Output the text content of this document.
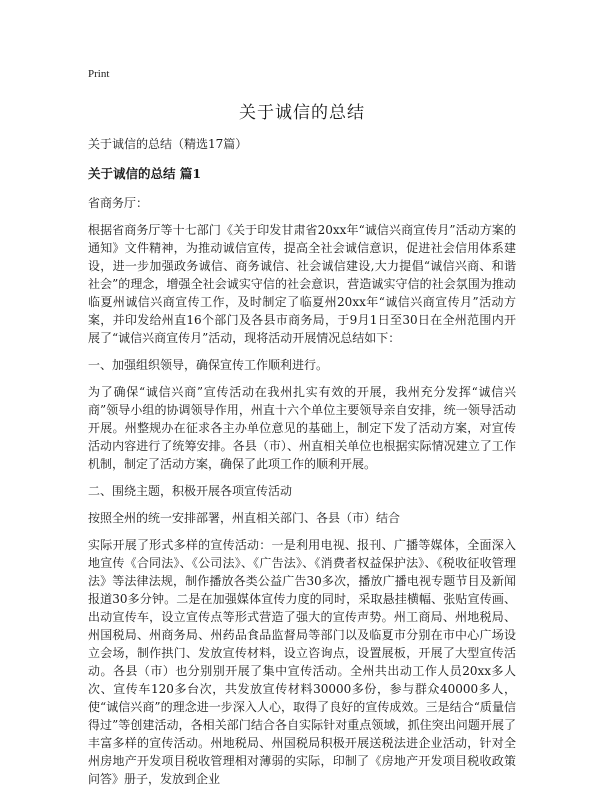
Print
关于诚信的总结
关于诚信的总结（精选17篇）
关于诚信的总结 篇1
省商务厅：
根据省商务厅等十七部门《关于印发甘肃省20xx年“诚信兴商宣传月”活动方案的通知》文件精神，为推动诚信宣传，提高全社会诚信意识，促进社会信用体系建设，进一步加强政务诚信、商务诚信、社会诚信建设,大力提倡“诚信兴商、和谐社会”的理念，增强全社会诚实守信的社会意识，营造诚实守信的社会氛围为推动临夏州诚信兴商宣传工作，及时制定了临夏州20xx年“诚信兴商宣传月”活动方案，并印发给州直16个部门及各县市商务局，于9月1日至30日在全州范围内开展了“诚信兴商宣传月”活动，现将活动开展情况总结如下：
一、加强组织领导，确保宣传工作顺利进行。
为了确保“诚信兴商”宣传活动在我州扎实有效的开展，我州充分发挥“诚信兴商”领导小组的协调领导作用，州直十六个单位主要领导亲自安排，统一领导活动开展。州整规办在征求各主办单位意见的基础上，制定下发了活动方案，对宣传活动内容进行了统筹安排。各县（市）、州直相关单位也根据实际情况建立了工作机制，制定了活动方案，确保了此项工作的顺利开展。
二、围绕主题，积极开展各项宣传活动
按照全州的统一安排部署，州直相关部门、各县（市）结合
实际开展了形式多样的宣传活动：一是利用电视、报刊、广播等媒体，全面深入地宣传《合同法》、《公司法》、《广告法》、《消费者权益保护法》、《税收征收管理法》等法律法规，制作播放各类公益广告30多次，播放广播电视专题节目及新闻报道30多分钟。二是在加强媒体宣传力度的同时，采取悬挂横幅、张贴宣传画、出动宣传车，设立宣传点等形式营造了强大的宣传声势。州工商局、州地税局、州国税局、州商务局、州药品食品监督局等部门以及临夏市分别在市中心广场设立会场，制作拱门、发放宣传材料，设立咨询点，设置展板，开展了大型宣传活动。各县（市）也分别别开展了集中宣传活动。全州共出动工作人员20xx多人次、宣传车120多台次，共发放宣传材料30000多份，参与群众40000多人，使“诚信兴商”的理念进一步深入人心，取得了良好的宣传成效。三是结合“质量信得过”等创建活动，各相关部门结合各自实际针对重点领域，抓住突出问题开展了丰富多样的宣传活动。州地税局、州国税局积极开展送税法进企业活动，针对全州房地产开发项目税收管理相对薄弱的实际，印制了《房地产开发项目税收政策问答》册子，发放到企业
